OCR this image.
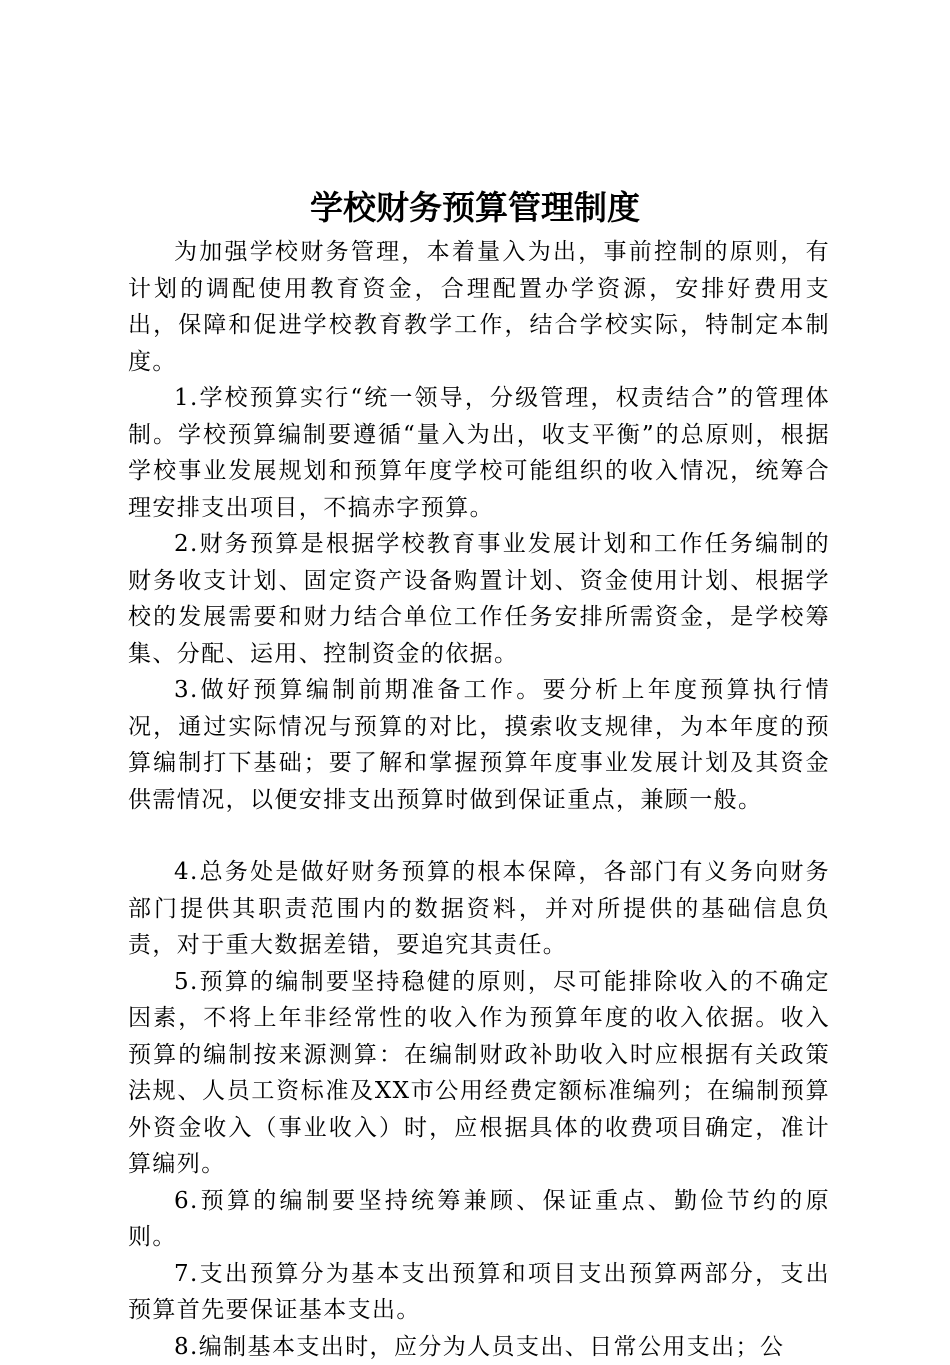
学校财务预算管理制度

为加强学校财务管理，本着量入为出，事前控制的原则，有计划的调配使用教育资金，合理配置办学资源，安排好费用支出，保障和促进学校教育教学工作，结合学校实际，特制定本制度。

1.学校预算实行“统一领导，分级管理，权责结合”的管理体制。学校预算编制要遵循“量入为出，收支平衡”的总原则，根据学校事业发展规划和预算年度学校可能组织的收入情况，统筹合理安排支出项目，不搞赤字预算。

2.财务预算是根据学校教育事业发展计划和工作任务编制的财务收支计划、固定资产设备购置计划、资金使用计划、根据学校的发展需要和财力结合单位工作任务安排所需资金，是学校筹集、分配、运用、控制资金的依据。

3.做好预算编制前期准备工作。要分析上年度预算执行情况，通过实际情况与预算的对比，摸索收支规律，为本年度的预算编制打下基础；要了解和掌握预算年度事业发展计划及其资金供需情况，以便安排支出预算时做到保证重点，兼顾一般。

4.总务处是做好财务预算的根本保障，各部门有义务向财务部门提供其职责范围内的数据资料，并对所提供的基础信息负责，对于重大数据差错，要追究其责任。

5.预算的编制要坚持稳健的原则，尽可能排除收入的不确定因素，不将上年非经常性的收入作为预算年度的收入依据。收入预算的编制按来源测算：在编制财政补助收入时应根据有关政策法规、人员工资标准及XX市公用经费定额标准编列；在编制预算外资金收入（事业收入）时，应根据具体的收费项目确定，准计算编列。

6.预算的编制要坚持统筹兼顾、保证重点、勤俭节约的原则。

7.支出预算分为基本支出预算和项目支出预算两部分，支出预算首先要保证基本支出。

8.编制基本支出时，应分为人员支出、日常公用支出；公
